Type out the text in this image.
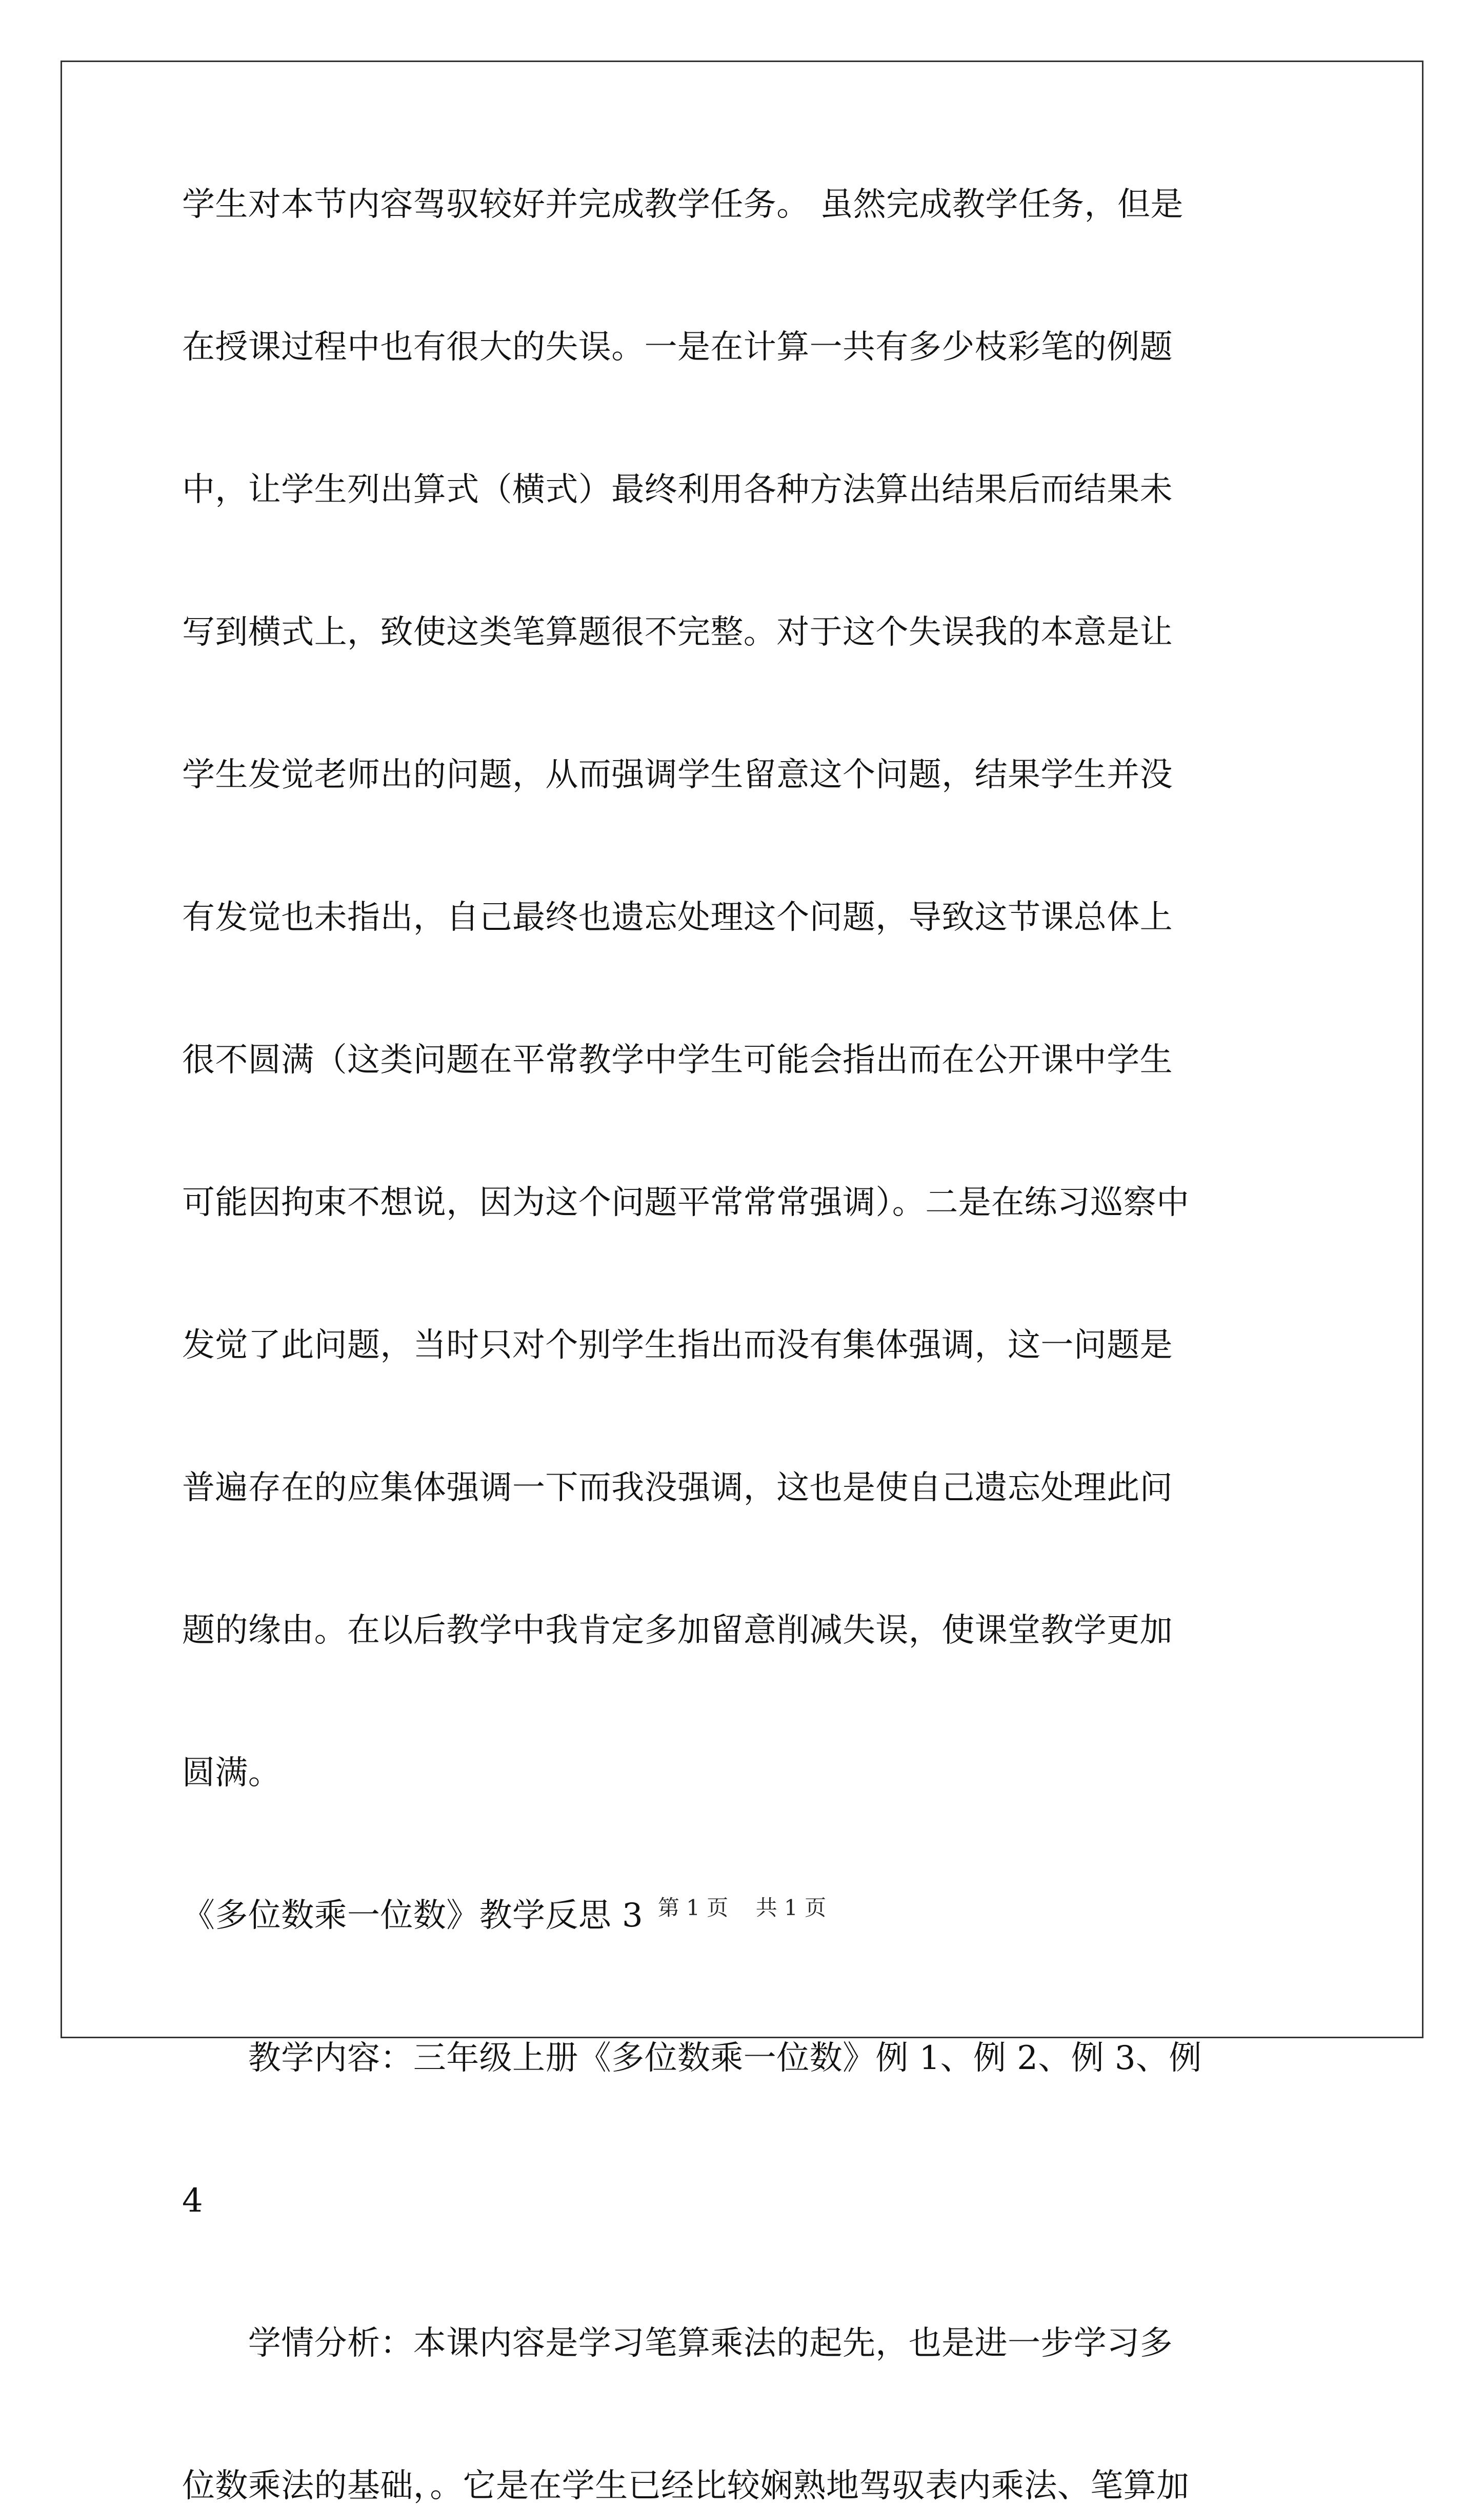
学生对本节内容驾驭较好并完成教学任务。 虽然完成教学任务，但是

在授课过程中也有很大的失误。一是在计算一共有多少枝彩笔的例题

中，让学生列出算式（横式）最终利用各种方法算出结果后而结果未

写到横式上，致使这类笔算题很不完整。对于这个失误我的本意是让

学生发觉老师出的问题，从而强调学生留意这个问题，结果学生并没

有发觉也未指出，自己最终也遗忘处理这个问题，导致这节课总体上

很不圆满（这类问题在平常教学中学生可能会指出而在公开课中学生

可能因拘束不想说，因为这个问题平常常常强调）。二是在练习巡察中

发觉了此问题，当时只对个别学生指出而没有集体强调，这一问题是

普遍存在的应集体强调一下而我没强调，这也是使自己遗忘处理此问

题的缘由。在以后教学中我肯定多加留意削减失误，使课堂教学更加

圆满。

《多位数乘一位数》教学反思 3

　　教学内容：三年级上册《多位数乘一位数》例 1、例 2、例 3、例

4

　　学情分析：本课内容是学习笔算乘法的起先，也是进一步学习多

位数乘法的基础，。它是在学生已经比较娴熟地驾驭表内乘法、笔算加

第 1 页 共 1 页
